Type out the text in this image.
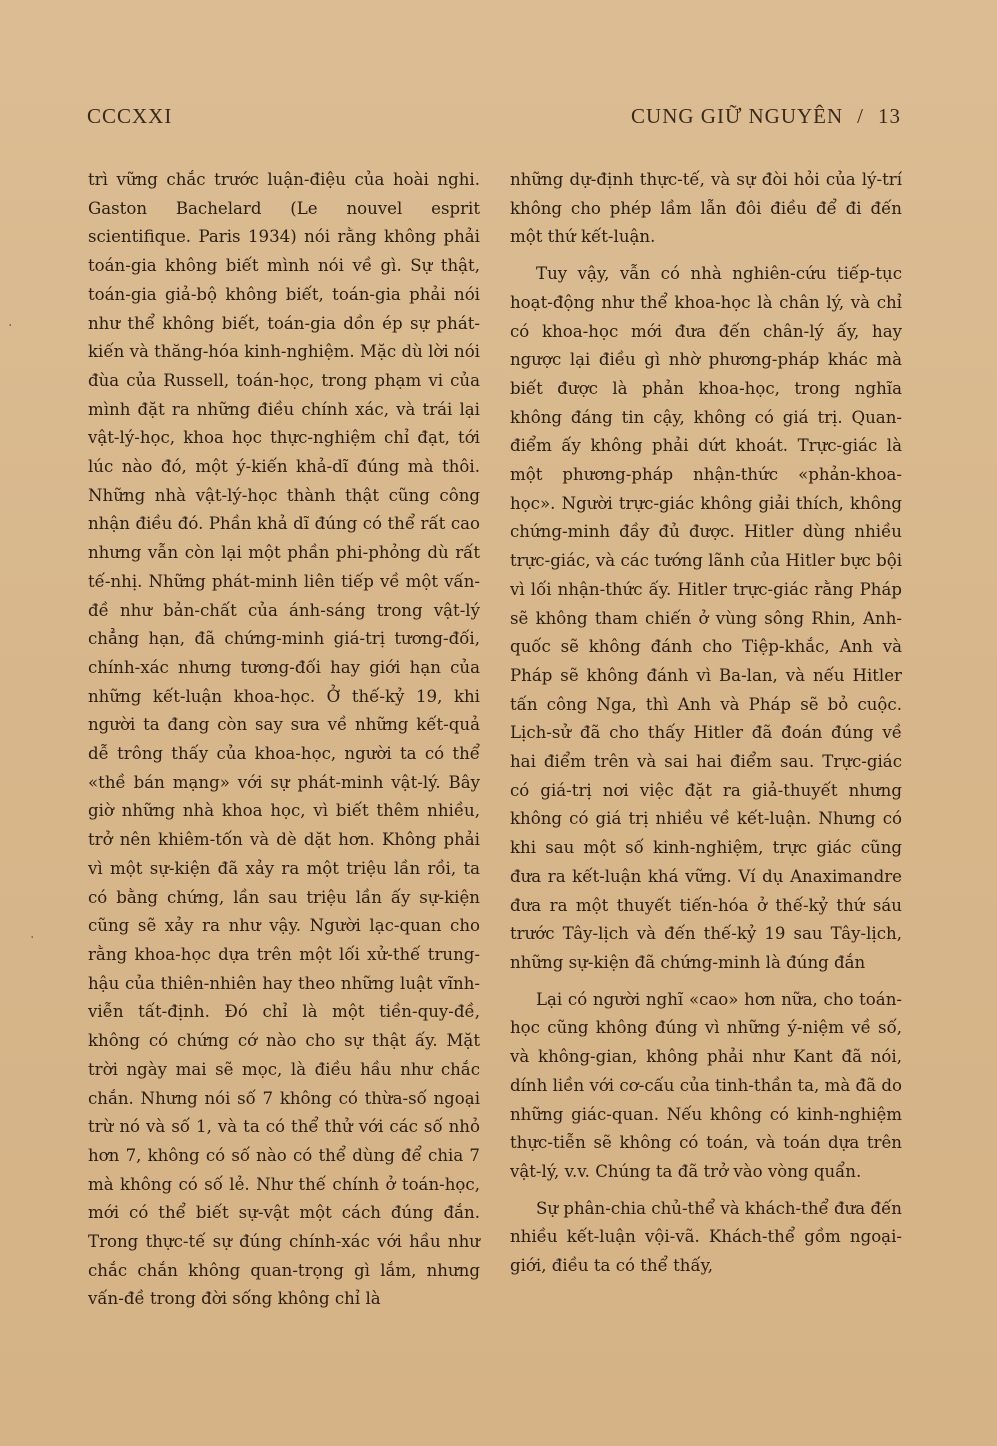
CCCXXI	CUNG GIỮ NGUYÊN / 13
·
·

trì vững chắc trước luận-điệu của hoài nghi. Gaston Bachelard (Le nouvel esprit scientifique. Paris 1934) nói rằng không phải toán-gia không biết mình nói về gì. Sự thật, toán-gia giả-bộ không biết, toán-gia phải nói như thể không biết, toán-gia dồn ép sự phát-kiến và thăng-hóa kinh-nghiệm. Mặc dù lời nói đùa của Russell, toán-học, trong phạm vi của mình đặt ra những điều chính xác, và trái lại vật-lý-học, khoa học thực-nghiệm chỉ đạt, tới lúc nào đó, một ý-kiến khả-dĩ đúng mà thôi. Những nhà vật-lý-học thành thật cũng công nhận điều đó. Phần khả dĩ đúng có thể rất cao nhưng vẫn còn lại một phần phi-phỏng dù rất tế-nhị. Những phát-minh liên tiếp về một vấn-đề như bản-chất của ánh-sáng trong vật-lý chẳng hạn, đã chứng-minh giá-trị tương-đối, chính-xác nhưng tương-đối hay giới hạn của những kết-luận khoa-học. Ở thế-kỷ 19, khi người ta đang còn say sưa về những kết-quả dễ trông thấy của khoa-học, người ta có thể «thề bán mạng» với sự phát-minh vật-lý. Bây giờ những nhà khoa học, vì biết thêm nhiều, trở nên khiêm-tốn và dè dặt hơn. Không phải vì một sự-kiện đã xảy ra một triệu lần rồi, ta có bằng chứng, lần sau triệu lần ấy sự-kiện cũng sẽ xảy ra như vậy. Người lạc-quan cho rằng khoa-học dựa trên một lối xử-thế trung-hậu của thiên-nhiên hay theo những luật vĩnh-viễn tất-định. Đó chỉ là một tiền-quy-đề, không có chứng cớ nào cho sự thật ấy. Mặt trời ngày mai sẽ mọc, là điều hầu như chắc chắn. Nhưng nói số 7 không có thừa-số ngoại trừ nó và số 1, và ta có thể thử với các số nhỏ hơn 7, không có số nào có thể dùng để chia 7 mà không có số lẻ. Như thế chính ở toán-học, mới có thể biết sự-vật một cách đúng đắn. Trong thực-tế sự đúng chính-xác với hầu như chắc chắn không quan-trọng gì lắm, nhưng vấn-đề trong đời sống không chỉ là

những dự-định thực-tế, và sự đòi hỏi của lý-trí không cho phép lầm lẫn đôi điều để đi đến một thứ kết-luận.

Tuy vậy, vẫn có nhà nghiên-cứu tiếp-tục hoạt-động như thể khoa-học là chân lý, và chỉ có khoa-học mới đưa đến chân-lý ấy, hay ngược lại điều gì nhờ phương-pháp khác mà biết được là phản khoa-học, trong nghĩa không đáng tin cậy, không có giá trị. Quan-điểm ấy không phải dứt khoát. Trực-giác là một phương-pháp nhận-thức «phản-khoa-học». Người trực-giác không giải thích, không chứng-minh đầy đủ được. Hitler dùng nhiều trực-giác, và các tướng lãnh của Hitler bực bội vì lối nhận-thức ấy. Hitler trực-giác rằng Pháp sẽ không tham chiến ở vùng sông Rhin, Anh-quốc sẽ không đánh cho Tiệp-khắc, Anh và Pháp sẽ không đánh vì Ba-lan, và nếu Hitler tấn công Nga, thì Anh và Pháp sẽ bỏ cuộc. Lịch-sử đã cho thấy Hitler đã đoán đúng về hai điểm trên và sai hai điểm sau. Trực-giác có giá-trị nơi việc đặt ra giả-thuyết nhưng không có giá trị nhiều về kết-luận. Nhưng có khi sau một số kinh-nghiệm, trực giác cũng đưa ra kết-luận khá vững. Ví dụ Anaximandre đưa ra một thuyết tiến-hóa ở thế-kỷ thứ sáu trước Tây-lịch và đến thế-kỷ 19 sau Tây-lịch, những sự-kiện đã chứng-minh là đúng đắn

Lại có người nghĩ «cao» hơn nữa, cho toán-học cũng không đúng vì những ý-niệm về số, và không-gian, không phải như Kant đã nói, dính liền với cơ-cấu của tinh-thần ta, mà đã do những giác-quan. Nếu không có kinh-nghiệm thực-tiễn sẽ không có toán, và toán dựa trên vật-lý, v.v. Chúng ta đã trở vào vòng quẩn.

Sự phân-chia chủ-thể và khách-thể đưa đến nhiều kết-luận vội-vã. Khách-thể gồm ngoại-giới, điều ta có thể thấy,
